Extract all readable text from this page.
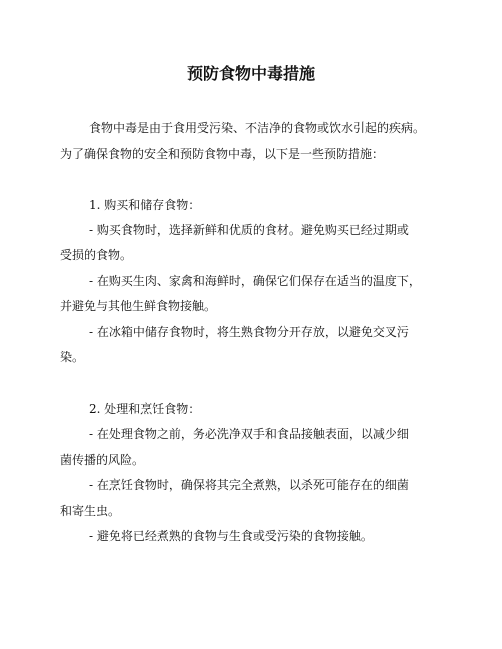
预防食物中毒措施
食物中毒是由于食用受污染、不洁净的食物或饮水引起的疾病。
为了确保食物的安全和预防食物中毒，以下是一些预防措施：
1. 购买和储存食物：
- 购买食物时，选择新鲜和优质的食材。避免购买已经过期或
受损的食物。
- 在购买生肉、家禽和海鲜时，确保它们保存在适当的温度下，
并避免与其他生鲜食物接触。
- 在冰箱中储存食物时，将生熟食物分开存放，以避免交叉污
染。
2. 处理和烹饪食物：
- 在处理食物之前，务必洗净双手和食品接触表面，以减少细
菌传播的风险。
- 在烹饪食物时，确保将其完全煮熟，以杀死可能存在的细菌
和寄生虫。
- 避免将已经煮熟的食物与生食或受污染的食物接触。
